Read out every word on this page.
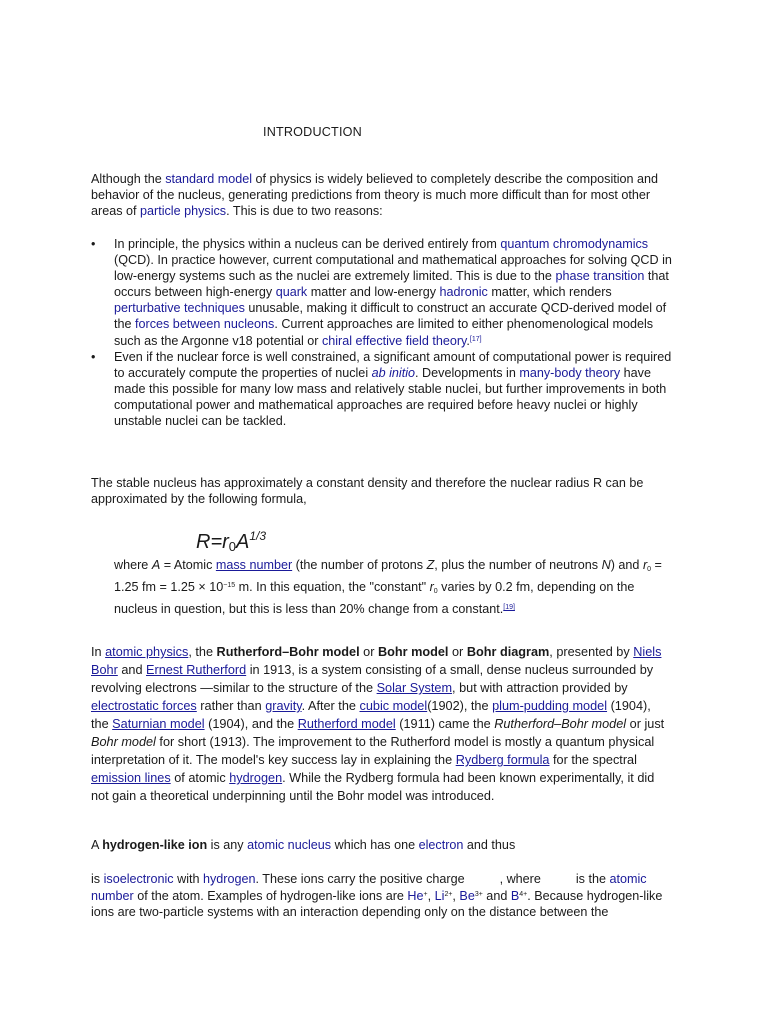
INTRODUCTION

Although the standard model of physics is widely believed to completely describe the composition and behavior of the nucleus, generating predictions from theory is much more difficult than for most other areas of particle physics. This is due to two reasons:

• In principle, the physics within a nucleus can be derived entirely from quantum chromodynamics (QCD). In practice however, current computational and mathematical approaches for solving QCD in low-energy systems such as the nuclei are extremely limited. This is due to the phase transition that occurs between high-energy quark matter and low-energy hadronic matter, which renders perturbative techniques unusable, making it difficult to construct an accurate QCD-derived model of the forces between nucleons. Current approaches are limited to either phenomenological models such as the Argonne v18 potential or chiral effective field theory.[17]
• Even if the nuclear force is well constrained, a significant amount of computational power is required to accurately compute the properties of nuclei ab initio. Developments in many-body theory have made this possible for many low mass and relatively stable nuclei, but further improvements in both computational power and mathematical approaches are required before heavy nuclei or highly unstable nuclei can be tackled.

The stable nucleus has approximately a constant density and therefore the nuclear radius R can be approximated by the following formula,

$R=r_0A^{1/3}$

where A = Atomic mass number (the number of protons Z, plus the number of neutrons N) and $r_0 = 1.25$ fm = $1.25 \times 10^{-15}$ m. In this equation, the "constant" $r_0$ varies by 0.2 fm, depending on the nucleus in question, but this is less than 20% change from a constant.[19]

In atomic physics, the Rutherford–Bohr model or Bohr model or Bohr diagram, presented by Niels Bohr and Ernest Rutherford in 1913, is a system consisting of a small, dense nucleus surrounded by revolving electrons —similar to the structure of the Solar System, but with attraction provided by electrostatic forces rather than gravity. After the cubic model(1902), the plum-pudding model (1904), the Saturnian model (1904), and the Rutherford model (1911) came the Rutherford–Bohr model or just Bohr model for short (1913). The improvement to the Rutherford model is mostly a quantum physical interpretation of it. The model's key success lay in explaining the Rydberg formula for the spectral emission lines of atomic hydrogen. While the Rydberg formula had been known experimentally, it did not gain a theoretical underpinning until the Bohr model was introduced.

A hydrogen-like ion is any atomic nucleus which has one electron and thus

is isoelectronic with hydrogen. These ions carry the positive charge          , where          is the atomic number of the atom. Examples of hydrogen-like ions are He+, $Li^{2+}$, $Be^{3+}$ and $B^{4+}$. Because hydrogen-like ions are two-particle systems with an interaction depending only on the distance between the
